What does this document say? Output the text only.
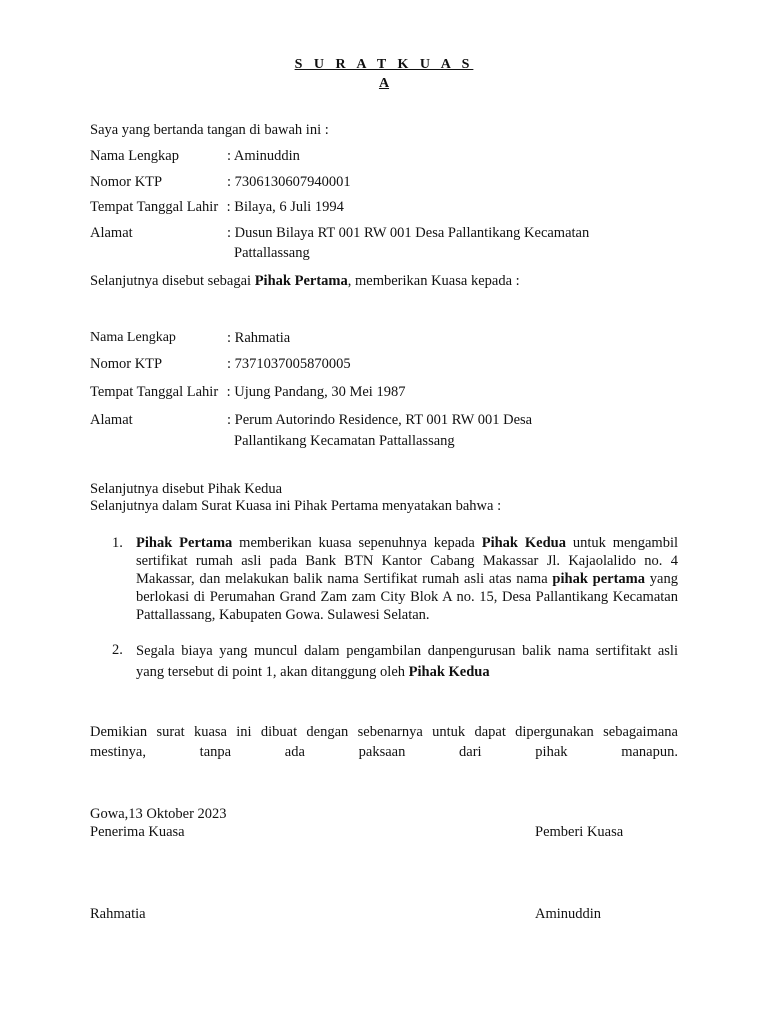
S U R A T K U A S
A
Saya yang bertanda tangan di bawah ini :
Nama Lengkap	: Aminuddin
Nomor KTP	: 7306130607940001
Tempat Tanggal Lahir : Bilaya, 6 Juli 1994
Alamat	: Dusun Bilaya RT 001 RW 001 Desa Pallantikang Kecamatan
Pattallassang
Selanjutnya disebut sebagai Pihak Pertama, memberikan Kuasa kepada :
Nama Lengkap	: Rahmatia
Nomor KTP	: 7371037005870005
Tempat Tanggal Lahir : Ujung Pandang, 30 Mei 1987
Alamat	: Perum Autorindo Residence, RT 001 RW 001 Desa
Pallantikang Kecamatan Pattallassang
Selanjutnya disebut Pihak Kedua
Selanjutnya dalam Surat Kuasa ini Pihak Pertama menyatakan bahwa :
1. Pihak Pertama memberikan kuasa sepenuhnya kepada Pihak Kedua untuk mengambil sertifikat rumah asli pada Bank BTN Kantor Cabang Makassar Jl. Kajaolalido no. 4 Makassar, dan melakukan balik nama Sertifikat rumah asli atas nama pihak pertama yang berlokasi di Perumahan Grand Zam zam City Blok A no. 15, Desa Pallantikang Kecamatan Pattallassang, Kabupaten Gowa. Sulawesi Selatan.
2. Segala biaya yang muncul dalam pengambilan danpengurusan balik nama sertifitakt asli yang tersebut di point 1, akan ditanggung oleh Pihak Kedua
Demikian surat kuasa ini dibuat dengan sebenarnya untuk dapat dipergunakan sebagaimana mestinya, tanpa ada paksaan dari pihak manapun.
Gowa,13 Oktober 2023
Penerima Kuasa	Pemberi Kuasa
Rahmatia	Aminuddin
